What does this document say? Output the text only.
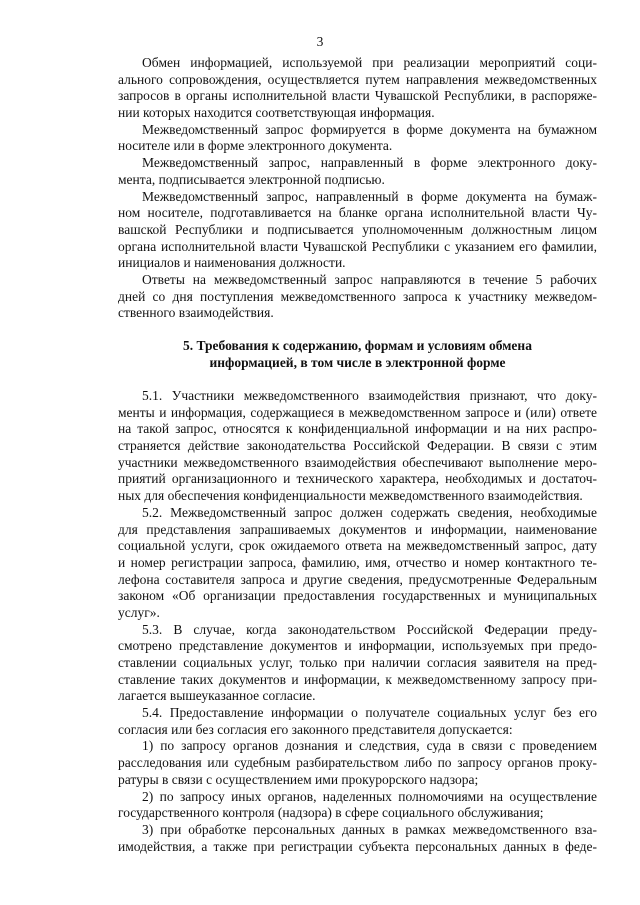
3
Обмен информацией, используемой при реализации мероприятий соци-
ального сопровождения, осуществляется путем направления межведомственных
запросов в органы исполнительной власти Чувашской Республики, в распоряже-
нии которых находится соответствующая информация.
Межведомственный запрос формируется в форме документа на бумажном
носителе или в форме электронного документа.
Межведомственный запрос, направленный в форме электронного доку-
мента, подписывается электронной подписью.
Межведомственный запрос, направленный в форме документа на бумаж-
ном носителе, подготавливается на бланке органа исполнительной власти Чу-
вашской Республики и подписывается уполномоченным должностным лицом
органа исполнительной власти Чувашской Республики с указанием его фамилии,
инициалов и наименования должности.
Ответы на межведомственный запрос направляются в течение 5 рабочих
дней со дня поступления межведомственного запроса к участнику межведом-
ственного взаимодействия.
5. Требования к содержанию, формам и условиям обмена
информацией, в том числе в электронной форме
5.1. Участники межведомственного взаимодействия признают, что доку-
менты и информация, содержащиеся в межведомственном запросе и (или) ответе
на такой запрос, относятся к конфиденциальной информации и на них распро-
страняется действие законодательства Российской Федерации. В связи с этим
участники межведомственного взаимодействия обеспечивают выполнение меро-
приятий организационного и технического характера, необходимых и достаточ-
ных для обеспечения конфиденциальности межведомственного взаимодействия.
5.2. Межведомственный запрос должен содержать сведения, необходимые
для представления запрашиваемых документов и информации, наименование
социальной услуги, срок ожидаемого ответа на межведомственный запрос, дату
и номер регистрации запроса, фамилию, имя, отчество и номер контактного те-
лефона составителя запроса и другие сведения, предусмотренные Федеральным
законом «Об организации предоставления государственных и муниципальных
услуг».
5.3. В случае, когда законодательством Российской Федерации преду-
смотрено представление документов и информации, используемых при предо-
ставлении социальных услуг, только при наличии согласия заявителя на пред-
ставление таких документов и информации, к межведомственному запросу при-
лагается вышеуказанное согласие.
5.4. Предоставление информации о получателе социальных услуг без его
согласия или без согласия его законного представителя допускается:
1) по запросу органов дознания и следствия, суда в связи с проведением
расследования или судебным разбирательством либо по запросу органов проку-
ратуры в связи с осуществлением ими прокурорского надзора;
2) по запросу иных органов, наделенных полномочиями на осуществление
государственного контроля (надзора) в сфере социального обслуживания;
3) при обработке персональных данных в рамках межведомственного вза-
имодействия, а также при регистрации субъекта персональных данных в феде-
